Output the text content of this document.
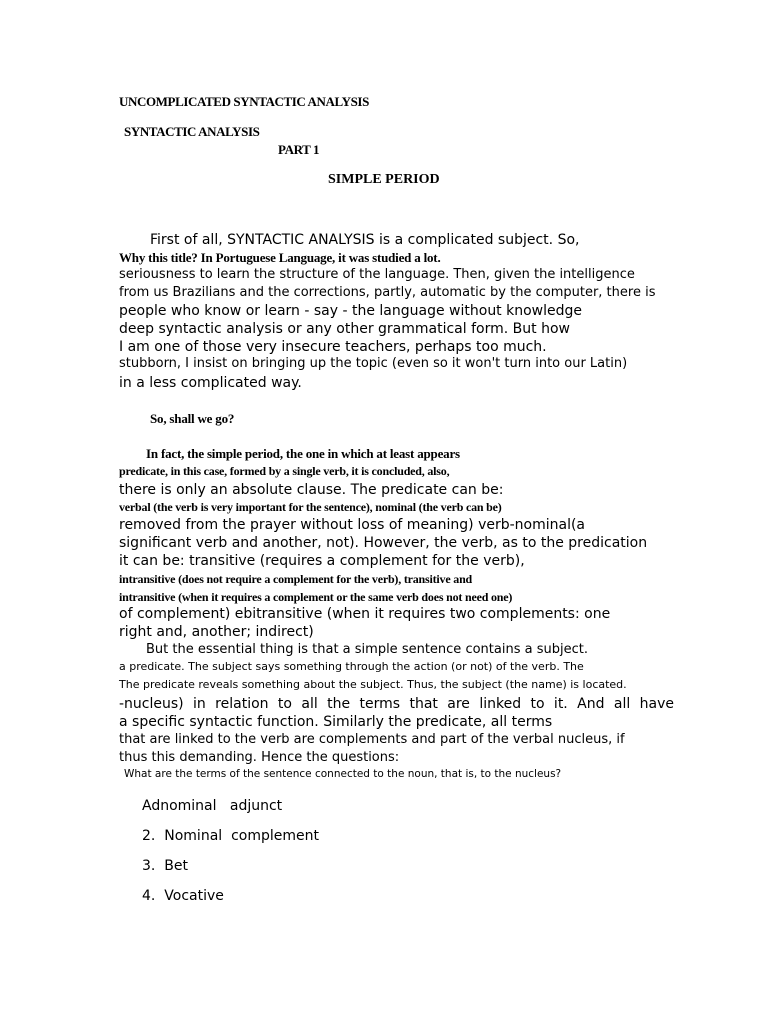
UNCOMPLICATED SYNTACTIC ANALYSIS
SYNTACTIC ANALYSIS
PART 1
SIMPLE PERIOD
First of all, SYNTACTIC ANALYSIS is a complicated subject. So,
Why this title? In Portuguese Language, it was studied a lot.
seriousness to learn the structure of the language. Then, given the intelligence
from us Brazilians and the corrections, partly, automatic by the computer, there is
people who know or learn - say - the language without knowledge
deep syntactic analysis or any other grammatical form. But how
I am one of those very insecure teachers, perhaps too much.
stubborn, I insist on bringing up the topic (even so it won't turn into our Latin)
in a less complicated way.
So, shall we go?
In fact, the simple period, the one in which at least appears
predicate, in this case, formed by a single verb, it is concluded, also,
there is only an absolute clause. The predicate can be:
verbal (the verb is very important for the sentence), nominal (the verb can be)
removed from the prayer without loss of meaning) verb-nominal(a
significant verb and another, not). However, the verb, as to the predication
it can be: transitive (requires a complement for the verb),
intransitive (does not require a complement for the verb), transitive and
intransitive (when it requires a complement or the same verb does not need one)
of complement) ebitransitive (when it requires two complements: one
right and, another; indirect)
But the essential thing is that a simple sentence contains a subject.
a predicate. The subject says something through the action (or not) of the verb. The
The predicate reveals something about the subject. Thus, the subject (the name) is located.
-nucleus) in relation to all the terms that are linked to it. And all have
a specific syntactic function. Similarly the predicate, all terms
that are linked to the verb are complements and part of the verbal nucleus, if
thus this demanding. Hence the questions:
What are the terms of the sentence connected to the noun, that is, to the nucleus?
Adnominal   adjunct
2.  Nominal  complement
3.  Bet
4.  Vocative
